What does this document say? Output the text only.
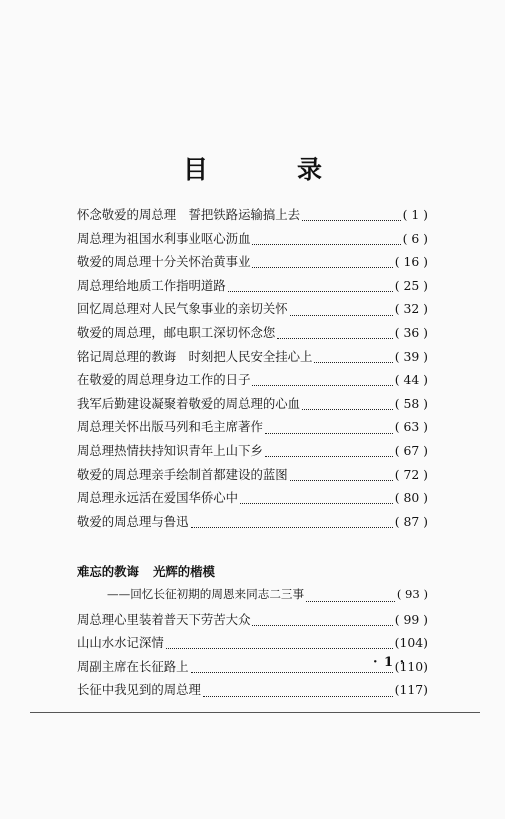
目　录
怀念敬爱的周总理　誓把铁路运输搞上去	( 1 )
周总理为祖国水利事业呕心沥血	( 6 )
敬爱的周总理十分关怀治黄事业	( 16 )
周总理给地质工作指明道路	( 25 )
回忆周总理对人民气象事业的亲切关怀	( 32 )
敬爱的周总理，邮电职工深切怀念您	( 36 )
铭记周总理的教诲　时刻把人民安全挂心上	( 39 )
在敬爱的周总理身边工作的日子	( 44 )
我军后勤建设凝聚着敬爱的周总理的心血	( 58 )
周总理关怀出版马列和毛主席著作	( 63 )
周总理热情扶持知识青年上山下乡	( 67 )
敬爱的周总理亲手绘制首都建设的蓝图	( 72 )
周总理永远活在爱国华侨心中	( 80 )
敬爱的周总理与鲁迅	( 87 )
难忘的教诲 光辉的楷模
——回忆长征初期的周恩来同志二三事	( 93 )
周总理心里装着普天下劳苦大众	( 99 )
山山水水记深情	(104)
周副主席在长征路上	(110)
长征中我见到的周总理	(117)
· 1 ·
